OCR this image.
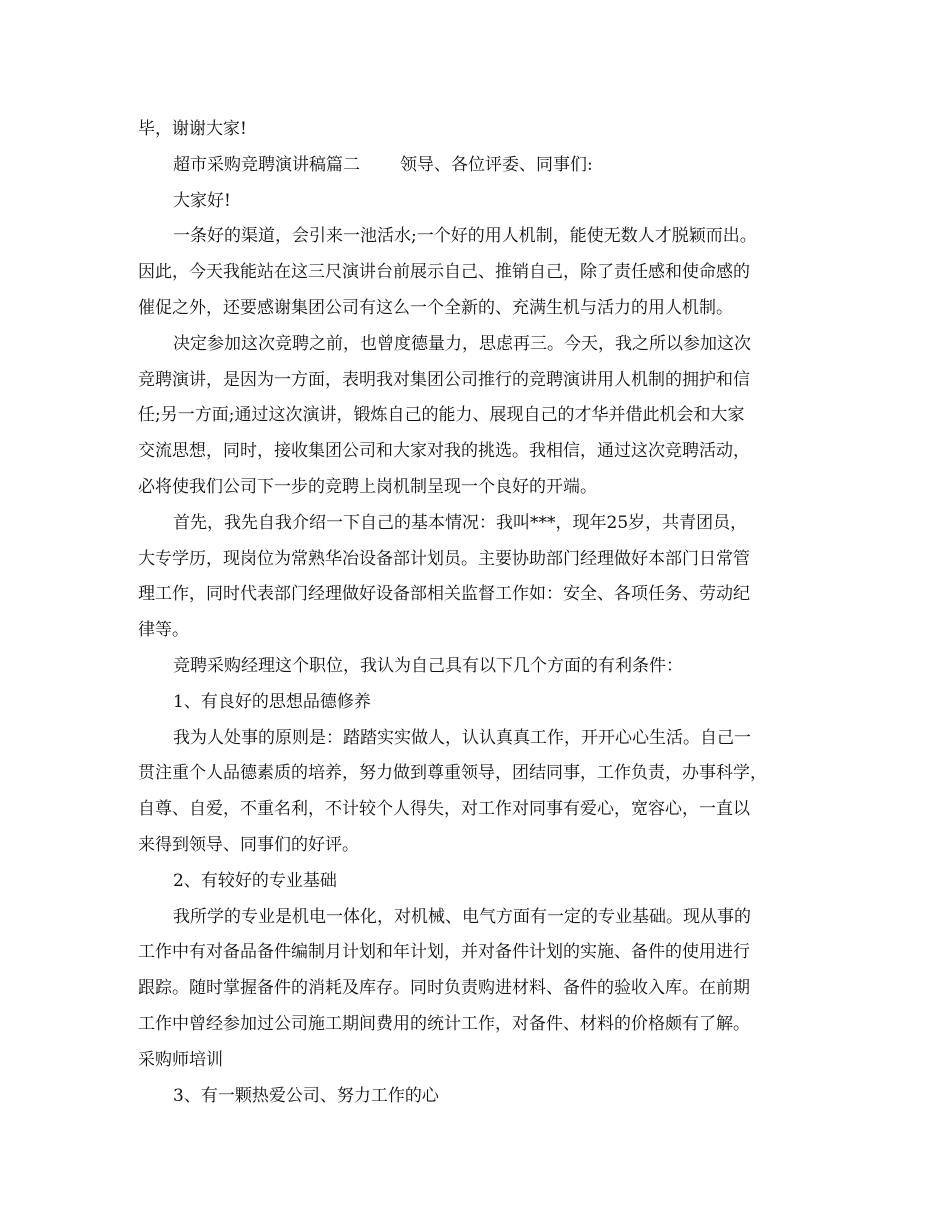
毕，谢谢大家!
超市采购竞聘演讲稿篇二 领导、各位评委、同事们:
大家好!
一条好的渠道，会引来一池活水;一个好的用人机制，能使无数人才脱颖而出。
因此，今天我能站在这三尺演讲台前展示自己、推销自己，除了责任感和使命感的
催促之外，还要感谢集团公司有这么一个全新的、充满生机与活力的用人机制。
决定参加这次竞聘之前，也曾度德量力，思虑再三。今天，我之所以参加这次
竞聘演讲，是因为一方面，表明我对集团公司推行的竞聘演讲用人机制的拥护和信
任;另一方面;通过这次演讲，锻炼自己的能力、展现自己的才华并借此机会和大家
交流思想，同时，接收集团公司和大家对我的挑选。我相信，通过这次竞聘活动，
必将使我们公司下一步的竞聘上岗机制呈现一个良好的开端。
首先，我先自我介绍一下自己的基本情况：我叫***，现年25岁，共青团员，
大专学历，现岗位为常熟华冶设备部计划员。主要协助部门经理做好本部门日常管
理工作，同时代表部门经理做好设备部相关监督工作如：安全、各项任务、劳动纪
律等。
竞聘采购经理这个职位，我认为自己具有以下几个方面的有利条件：
1、有良好的思想品德修养
我为人处事的原则是：踏踏实实做人，认认真真工作，开开心心生活。自己一
贯注重个人品德素质的培养，努力做到尊重领导，团结同事，工作负责，办事科学，
自尊、自爱，不重名利，不计较个人得失，对工作对同事有爱心，宽容心，一直以
来得到领导、同事们的好评。
2、有较好的专业基础
我所学的专业是机电一体化，对机械、电气方面有一定的专业基础。现从事的
工作中有对备品备件编制月计划和年计划，并对备件计划的实施、备件的使用进行
跟踪。随时掌握备件的消耗及库存。同时负责购进材料、备件的验收入库。在前期
工作中曾经参加过公司施工期间费用的统计工作，对备件、材料的价格颇有了解。
采购师培训
3、有一颗热爱公司、努力工作的心
